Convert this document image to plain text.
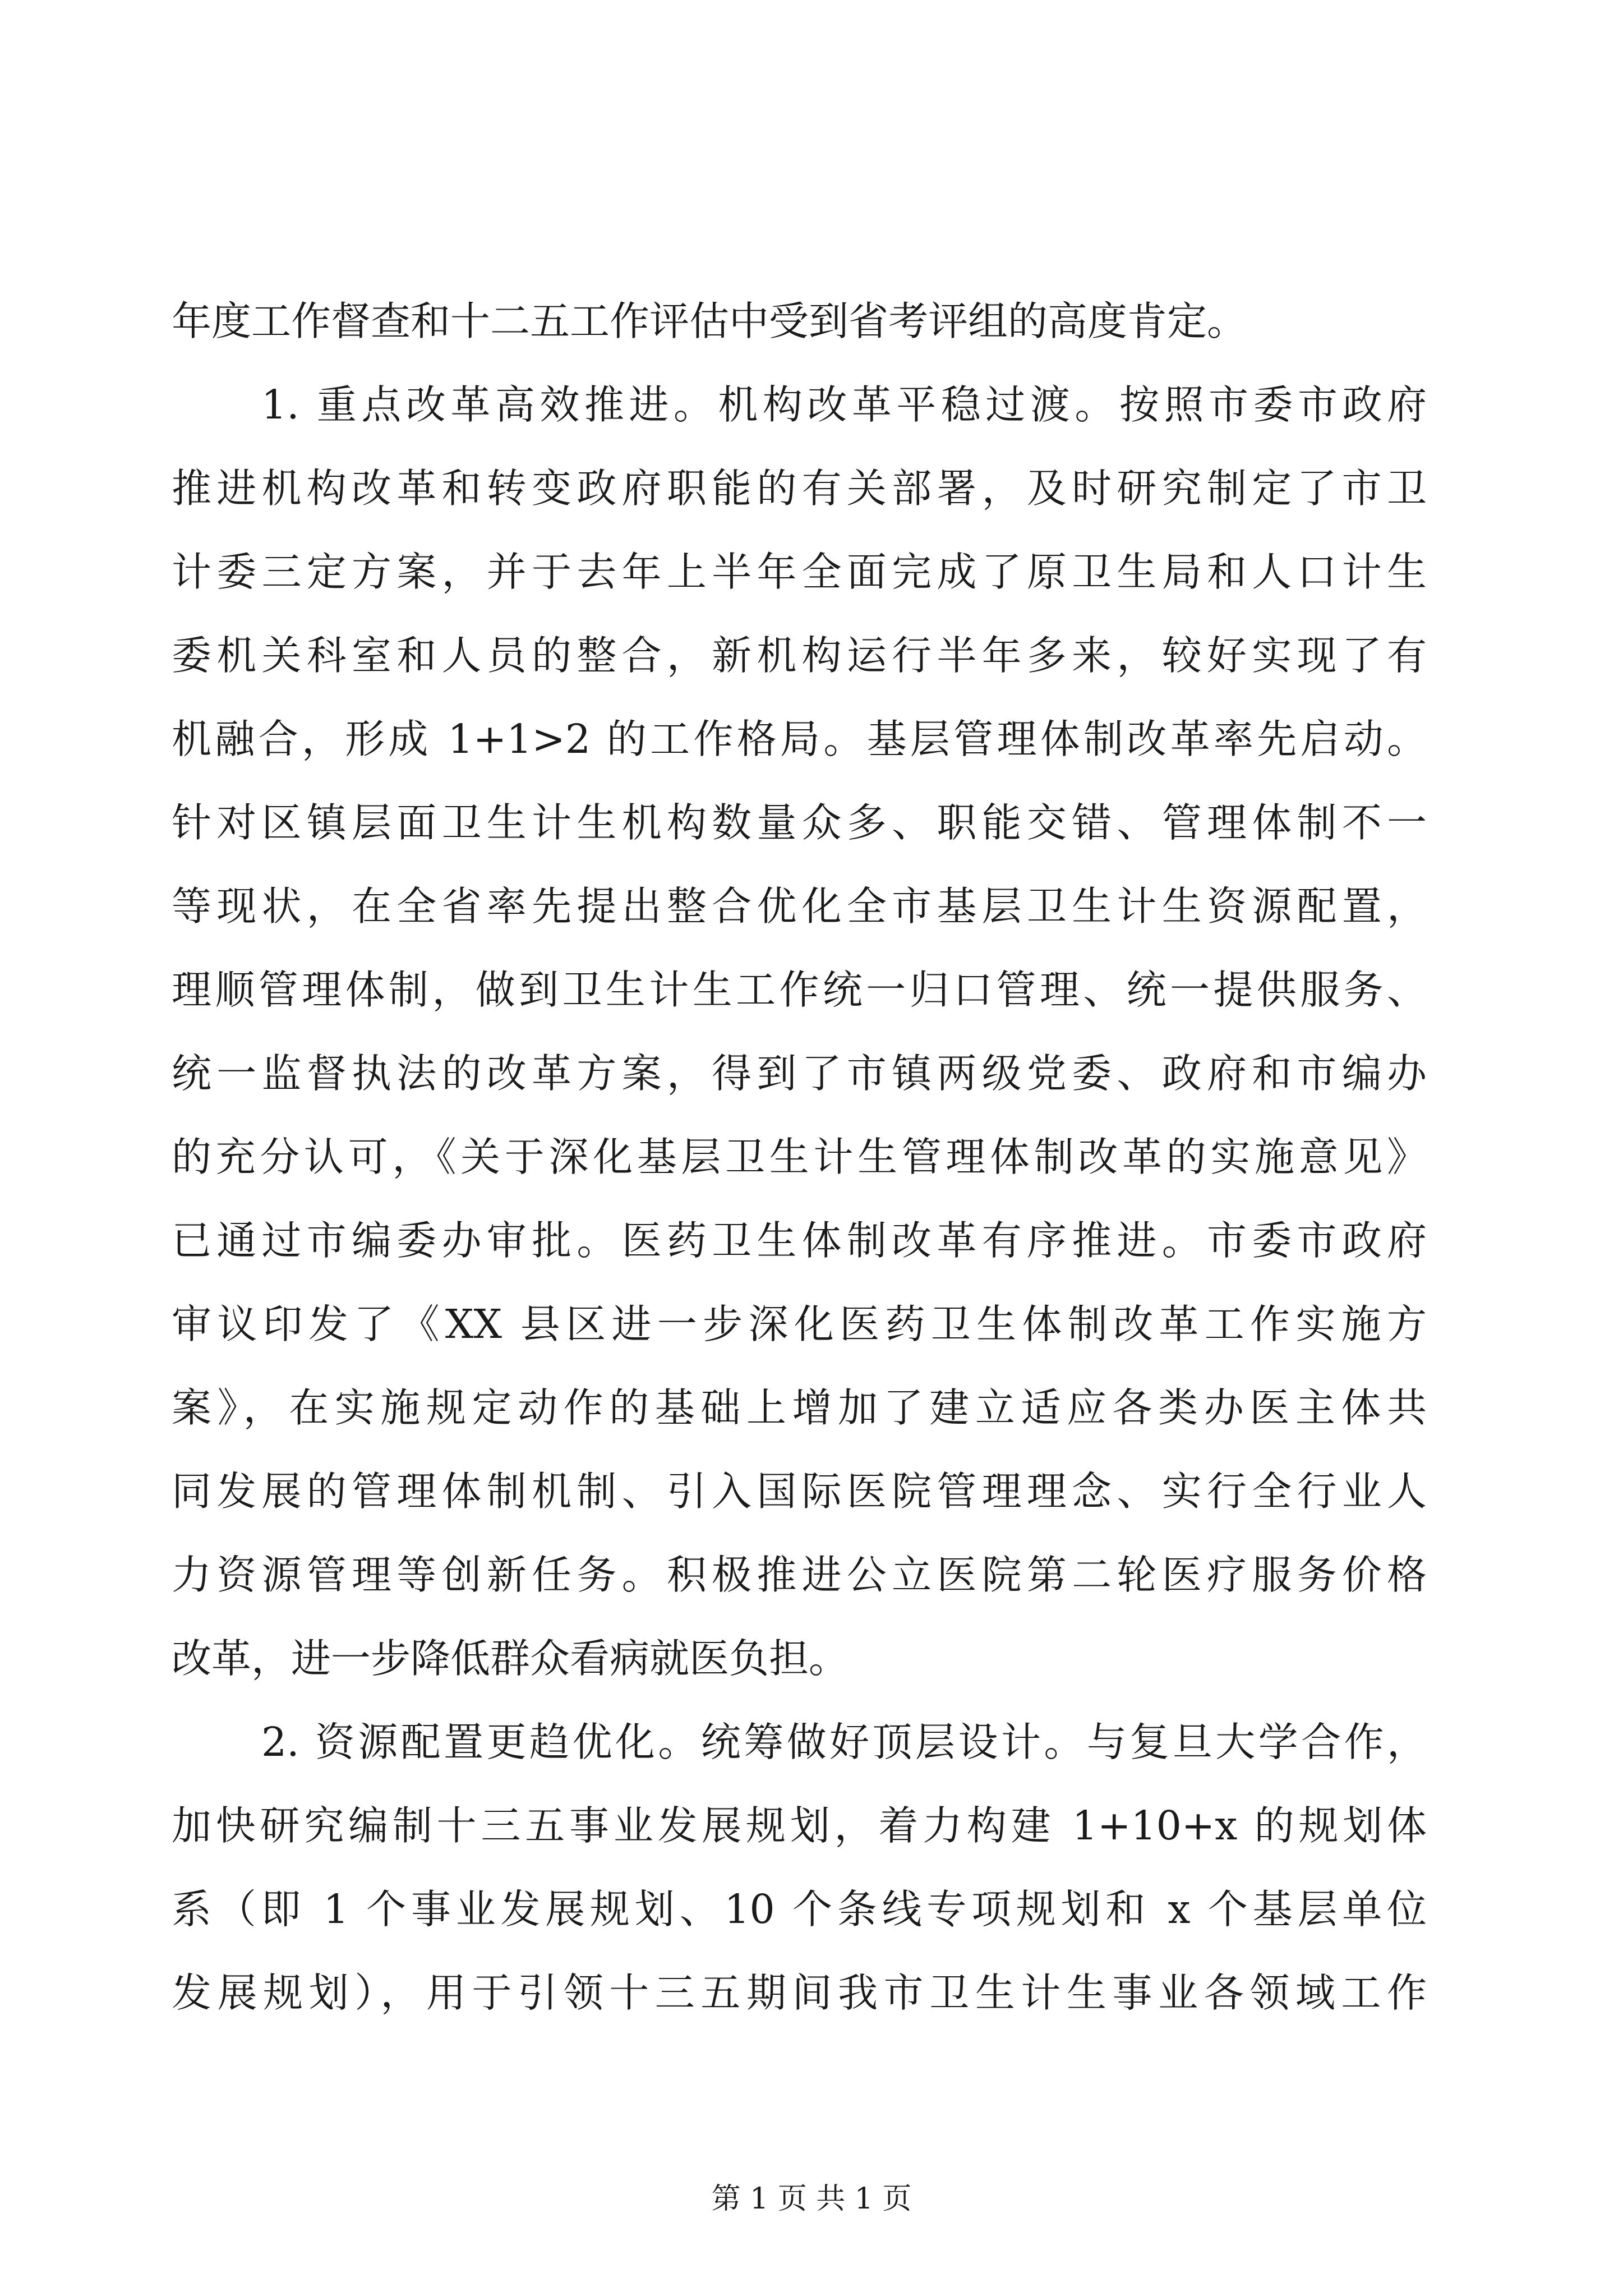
年度工作督查和十二五工作评估中受到省考评组的高度肯定。
1. 重点改革高效推进。机构改革平稳过渡。按照市委市政府
推进机构改革和转变政府职能的有关部署，及时研究制定了市卫
计委三定方案，并于去年上半年全面完成了原卫生局和人口计生
委机关科室和人员的整合，新机构运行半年多来，较好实现了有
机融合，形成 1+1>2 的工作格局。基层管理体制改革率先启动。
针对区镇层面卫生计生机构数量众多、职能交错、管理体制不一
等现状，在全省率先提出整合优化全市基层卫生计生资源配置，
理顺管理体制，做到卫生计生工作统一归口管理、统一提供服务、
统一监督执法的改革方案，得到了市镇两级党委、政府和市编办
的充分认可，《关于深化基层卫生计生管理体制改革的实施意见》
已通过市编委办审批。医药卫生体制改革有序推进。市委市政府
审议印发了《XX 县区进一步深化医药卫生体制改革工作实施方
案》，在实施规定动作的基础上增加了建立适应各类办医主体共
同发展的管理体制机制、引入国际医院管理理念、实行全行业人
力资源管理等创新任务。积极推进公立医院第二轮医疗服务价格
改革，进一步降低群众看病就医负担。
2. 资源配置更趋优化。统筹做好顶层设计。与复旦大学合作，
加快研究编制十三五事业发展规划，着力构建 1+10+x 的规划体
系（即 1 个事业发展规划、10 个条线专项规划和 x 个基层单位
发展规划），用于引领十三五期间我市卫生计生事业各领域工作
第 1 页 共 1 页
